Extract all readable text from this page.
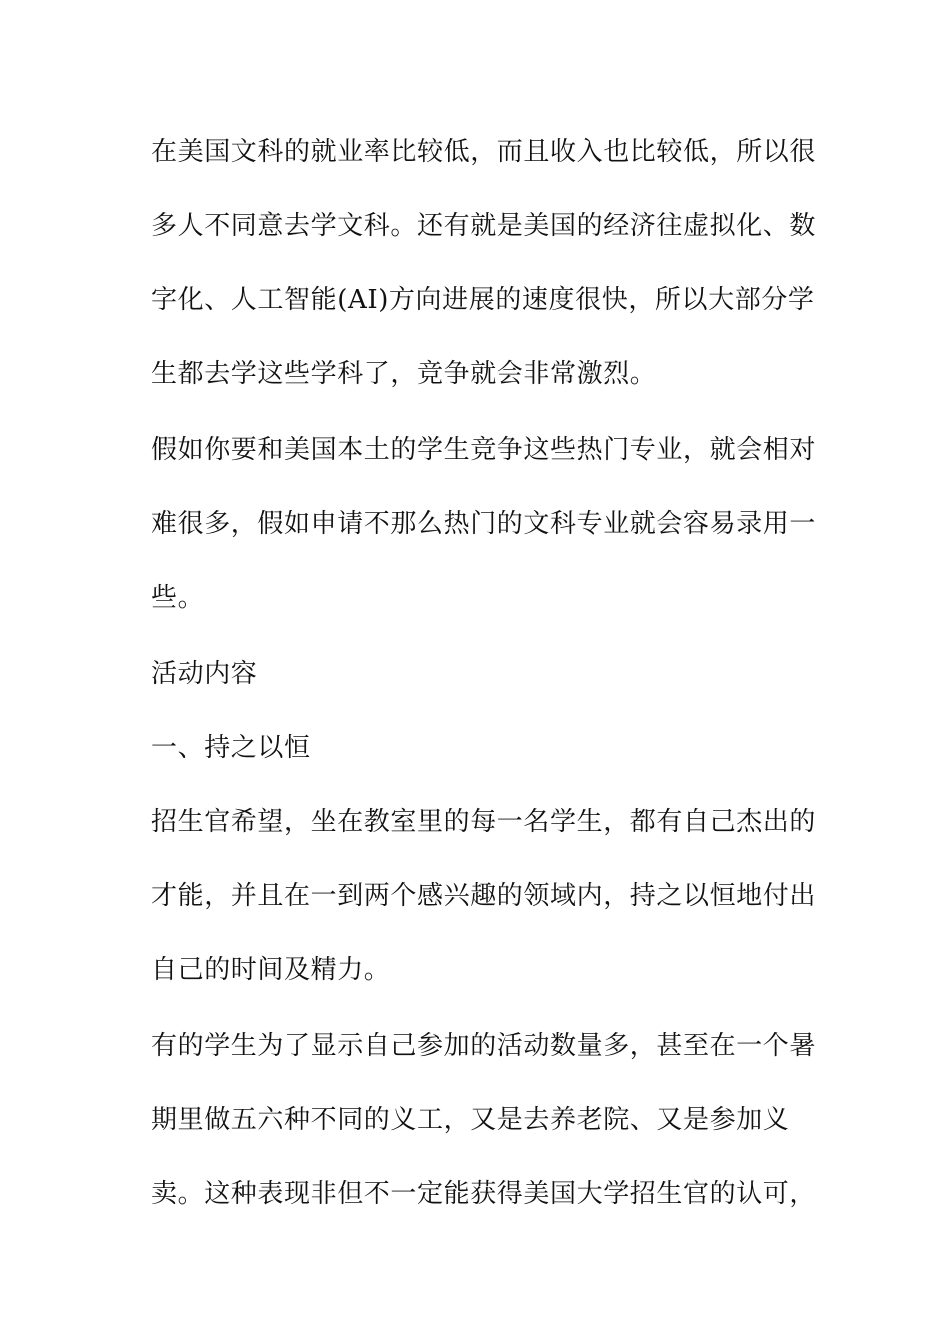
在美国文科的就业率比较低，而且收入也比较低，所以很
多人不同意去学文科。还有就是美国的经济往虚拟化、数
字化、人工智能(AI)方向进展的速度很快，所以大部分学
生都去学这些学科了，竞争就会非常激烈。
假如你要和美国本土的学生竞争这些热门专业，就会相对
难很多，假如申请不那么热门的文科专业就会容易录用一
些。
活动内容
一、持之以恒
招生官希望，坐在教室里的每一名学生，都有自己杰出的
才能，并且在一到两个感兴趣的领域内，持之以恒地付出
自己的时间及精力。
有的学生为了显示自己参加的活动数量多，甚至在一个暑
期里做五六种不同的义工，又是去养老院、又是参加义
卖。这种表现非但不一定能获得美国大学招生官的认可，
